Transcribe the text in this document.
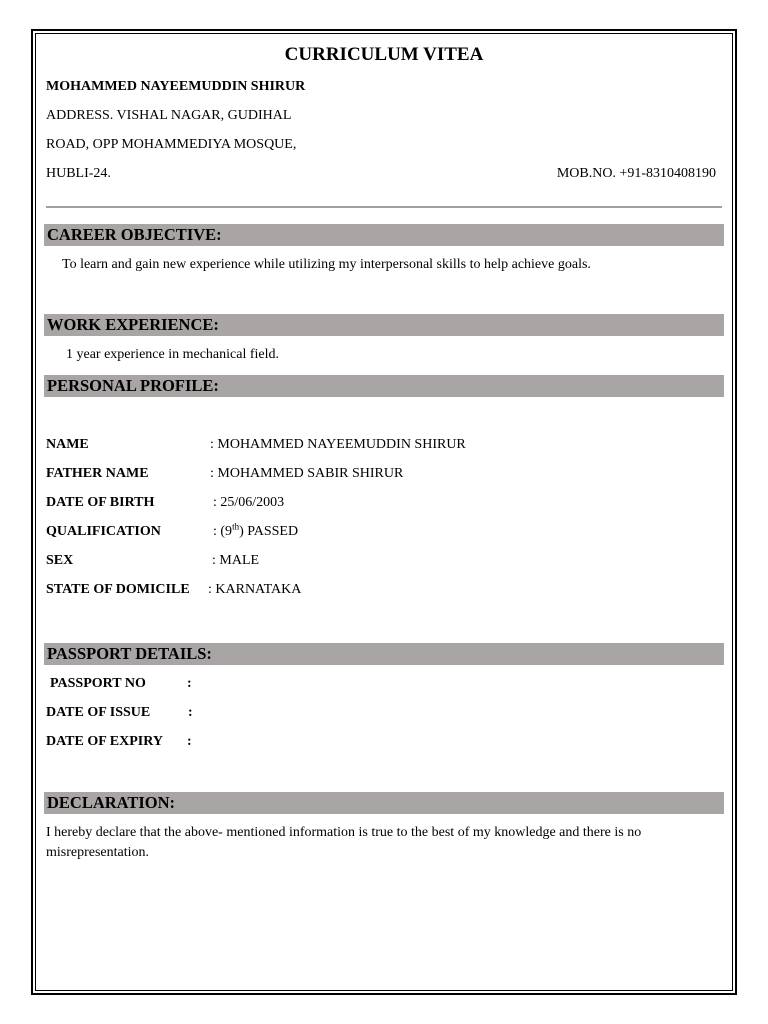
CURRICULUM VITEA
MOHAMMED NAYEEMUDDIN SHIRUR
ADDRESS. VISHAL NAGAR, GUDIHAL
ROAD, OPP MOHAMMEDIYA MOSQUE,
HUBLI-24.	MOB.NO. +91-8310408190
CAREER OBJECTIVE:
To learn and gain new experience while utilizing my interpersonal skills to help achieve goals.
WORK EXPERIENCE:
1 year experience in mechanical field.
PERSONAL PROFILE:
NAME	: MOHAMMED NAYEEMUDDIN SHIRUR
FATHER NAME	: MOHAMMED SABIR SHIRUR
DATE OF BIRTH	: 25/06/2003
QUALIFICATION	: (9th) PASSED
SEX	: MALE
STATE OF DOMICILE : KARNATAKA
PASSPORT DETAILS:
PASSPORT NO	:
DATE OF ISSUE	:
DATE OF EXPIRY :
DECLARATION:
I hereby declare that the above- mentioned information is true to the best of my knowledge and there is no misrepresentation.
